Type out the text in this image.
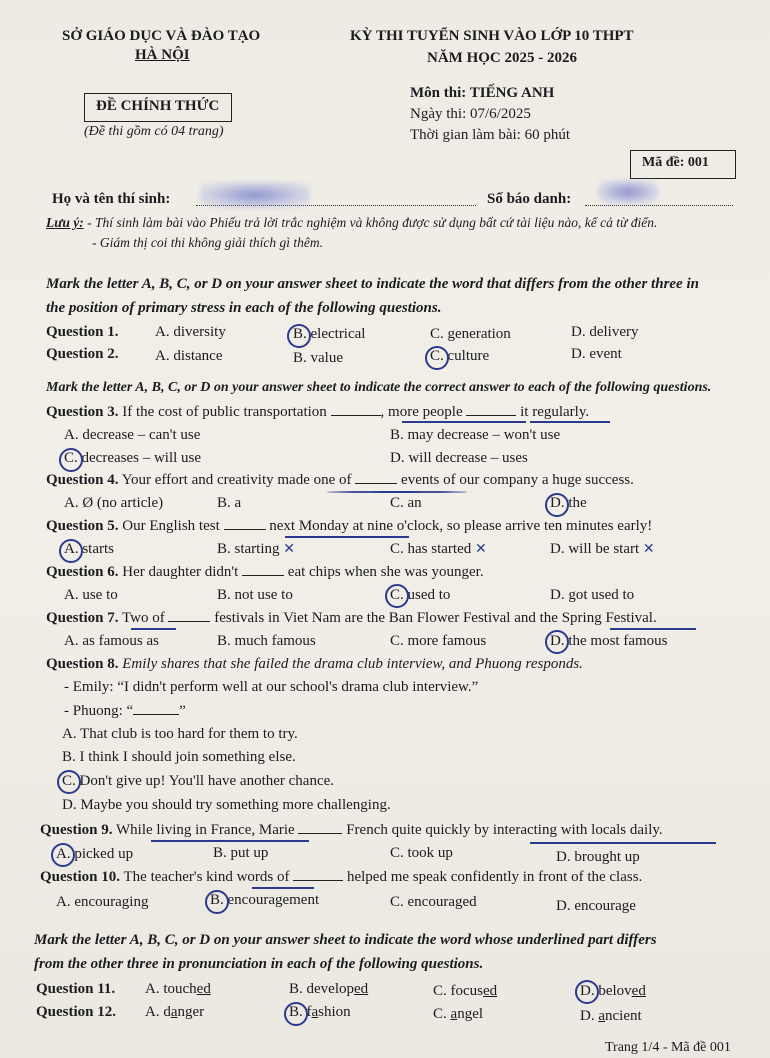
SỞ GIÁO DỤC VÀ ĐÀO TẠO
HÀ NỘI
ĐỀ CHÍNH THỨC
(Đề thi gồm có 04 trang)
KỲ THI TUYỂN SINH VÀO LỚP 10 THPT
NĂM HỌC 2025 - 2026
Môn thi: TIẾNG ANH
Ngày thi: 07/6/2025
Thời gian làm bài: 60 phút
Mã đề: 001
Họ và tên thí sinh:	Số báo danh:
Lưu ý: - Thí sinh làm bài vào Phiếu trả lời trắc nghiệm và không được sử dụng bất cứ tài liệu nào, kể cả từ điển.
- Giám thị coi thi không giải thích gì thêm.
Mark the letter A, B, C, or D on your answer sheet to indicate the word that differs from the other three in
the position of primary stress in each of the following questions.
Question 1. A. diversity	B. electrical	C. generation	D. delivery
Question 2. A. distance	B. value	C. culture	D. event
Mark the letter A, B, C, or D on your answer sheet to indicate the correct answer to each of the following questions.
Question 3. If the cost of public transportation	, more people	it regularly.
A. decrease – can't use	B. may decrease – won't use
C. decreases – will use	D. will decrease – uses
Question 4. Your effort and creativity made one of	events of our company a huge success.
A. Ø (no article)	B. a	C. an	D. the
Question 5. Our English test	next Monday at nine o'clock, so please arrive ten minutes early!
A. starts	B. starting ✕	C. has started ✕	D. will be start ✕
Question 6. Her daughter didn't	eat chips when she was younger.
A. use to	B. not use to	C. used to	D. got used to
Question 7. Two of	festivals in Viet Nam are the Ban Flower Festival and the Spring Festival.
A. as famous as	B. much famous	C. more famous	D. the most famous
Question 8. Emily shares that she failed the drama club interview, and Phuong responds.
- Emily: “I didn't perform well at our school's drama club interview.”
- Phuong: “	”
A. That club is too hard for them to try.
B. I think I should join something else.
C. Don't give up! You'll have another chance.
D. Maybe you should try something more challenging.
Question 9. While living in France, Marie	French quite quickly by interacting with locals daily.
A. picked up	B. put up	C. took up	D. brought up
Question 10. The teacher's kind words of	helped me speak confidently in front of the class.
A. encouraging	B. encouragement	C. encouraged	D. encourage
Mark the letter A, B, C, or D on your answer sheet to indicate the word whose underlined part differs
from the other three in pronunciation in each of the following questions.
Question 11. A. touched	B. developed	C. focused	D. beloved
Question 12. A. danger	B. fashion	C. angel	D. ancient
Trang 1/4 - Mã đề 001
